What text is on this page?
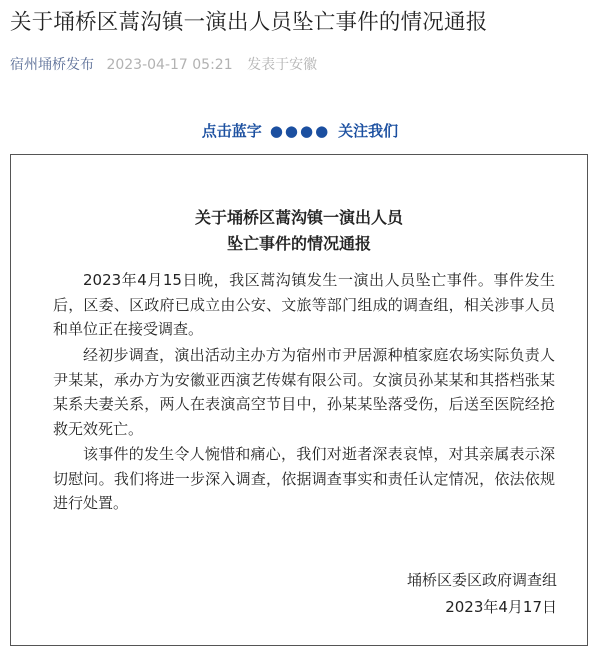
关于埇桥区蒿沟镇一演出人员坠亡事件的情况通报
宿州埇桥发布 2023-04-17 05:21 发表于安徽
点击蓝字 ●●●● 关注我们
关于埇桥区蒿沟镇一演出人员
坠亡事件的情况通报
2023年4月15日晚，我区蒿沟镇发生一演出人员坠亡事件。事件发生后，区委、区政府已成立由公安、文旅等部门组成的调查组，相关涉事人员和单位正在接受调查。
经初步调查，演出活动主办方为宿州市尹居源种植家庭农场实际负责人尹某某，承办方为安徽亚西演艺传媒有限公司。女演员孙某某和其搭档张某某系夫妻关系，两人在表演高空节目中，孙某某坠落受伤，后送至医院经抢救无效死亡。
该事件的发生令人惋惜和痛心，我们对逝者深表哀悼，对其亲属表示深切慰问。我们将进一步深入调查，依据调查事实和责任认定情况，依法依规进行处置。
埇桥区委区政府调查组
2023年4月17日
